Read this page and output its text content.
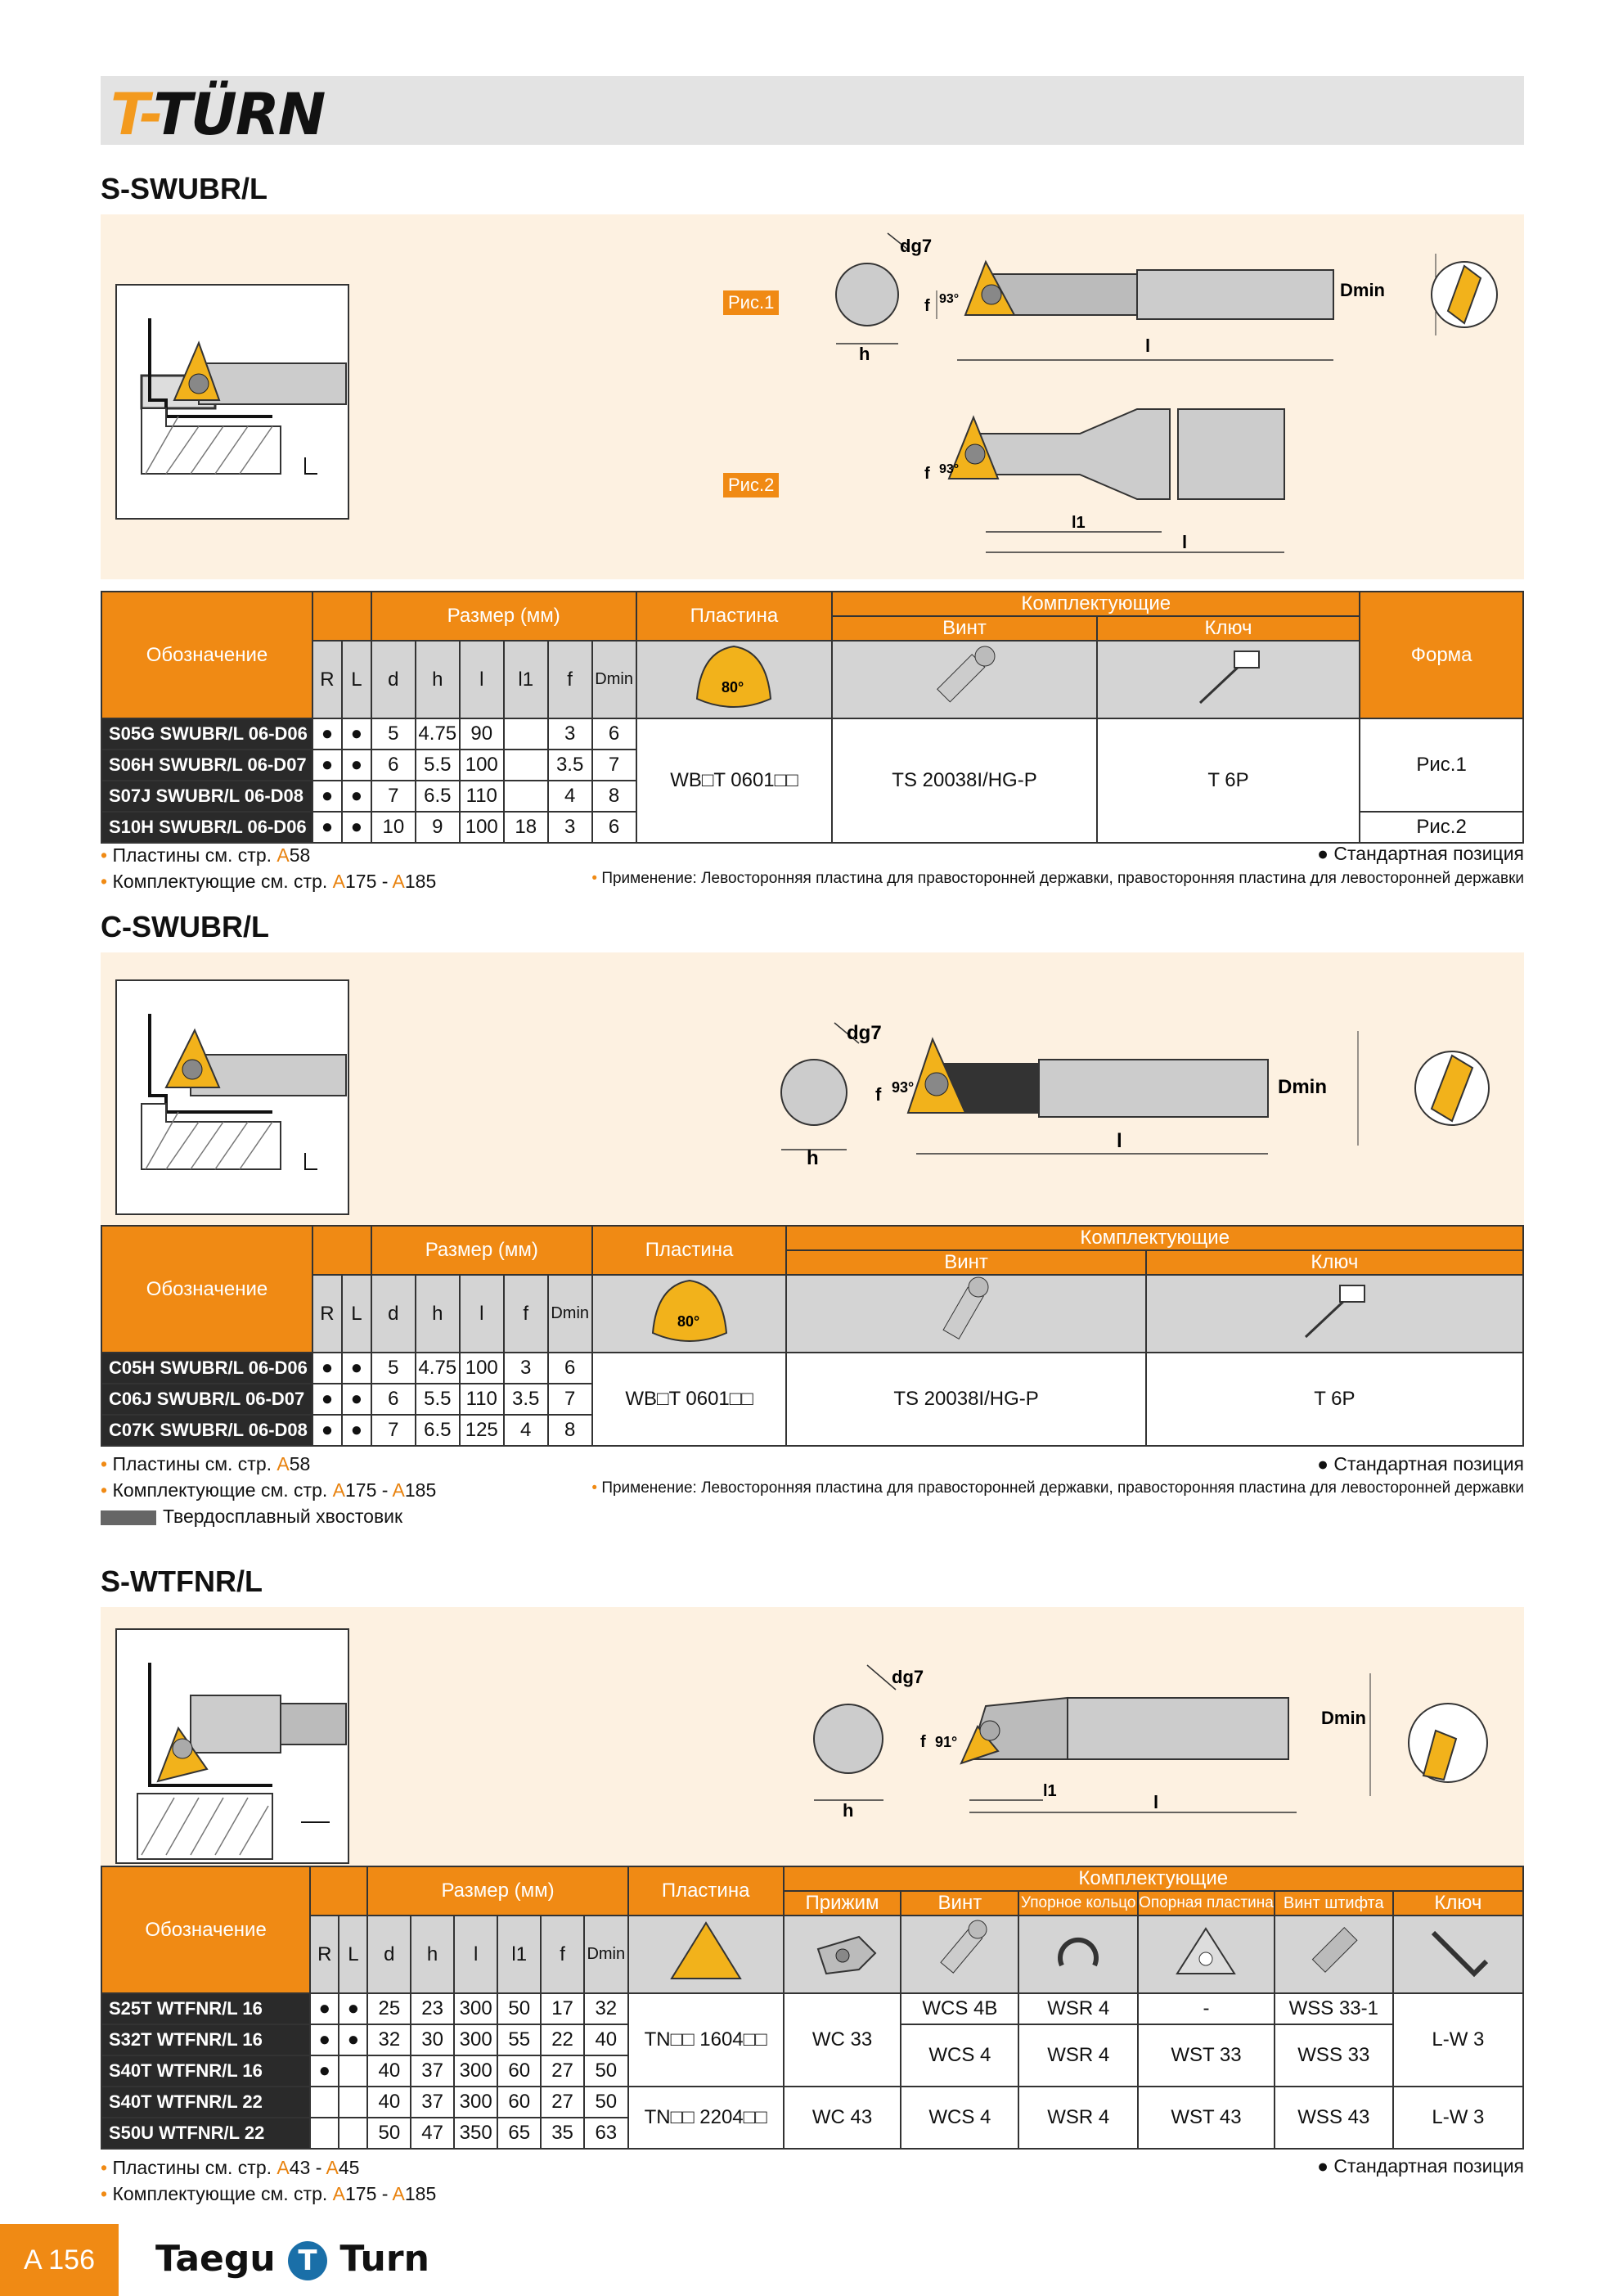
T-TÜRN
S-SWUBR/L
Рис.1
Рис.2
dg7
h
f 93°
l
Dmin
f 93°
l1
l
Обозначение			Размер (мм)						Пластина	Комплектующие		Форма
										Винт	Ключ	
	R	L	d	h	l	l1	f	Dmin	80°

S05G SWUBR/L 06-D06	●	●	5	4.75	90		3	6	WB□T 0601□□	TS 20038I/HG-P	T 6P	Рис.1
S06H SWUBR/L 06-D07	●	●	6	5.5	100		3.5	7				
S07J SWUBR/L 06-D08	●	●	7	6.5	110		4	8				
S10H SWUBR/L 06-D06	●	●	10	9	100	18	3	6				Рис.2
• Пластины см. стр. A58
• Комплектующие см. стр. A175 - A185
● Стандартная позиция
• Применение: Левосторонняя пластина для правосторонней державки, правосторонняя пластина для левосторонней державки
C-SWUBR/L
dg7
h
f 93°
l
Dmin
Обозначение			Размер (мм)					Пластина	Комплектующие	
									Винт	Ключ
	R	L	d	h	l	f	Dmin	80°

C05H SWUBR/L 06-D06	●	●	5	4.75	100	3	6	WB□T 0601□□	TS 20038I/HG-P	T 6P
C06J SWUBR/L 06-D07	●	●	6	5.5	110	3.5	7			
C07K SWUBR/L 06-D08	●	●	7	6.5	125	4	8			
• Пластины см. стр. A58
• Комплектующие см. стр. A175 - A185
Твердосплавный хвостовик
● Стандартная позиция
• Применение: Левосторонняя пластина для правосторонней державки, правосторонняя пластина для левосторонней державки
S-WTFNR/L
dg7
h
f 91°
l1
l
Dmin
Обозначение			Размер (мм)						Пластина	Комплектующие					
										Прижим	Винт	Упорное кольцо	Опорная пластина	Винт штифта	Ключ
	R	L	d	h	l	l1	f	Dmin							
S25T WTFNR/L 16	●	●	25	23	300	50	17	32	TN□□ 1604□□	WC 33	WCS 4B	WSR 4	-	WSS 33-1	L-W 3
S32T WTFNR/L 16	●	●	32	30	300	55	22	40			WCS 4	WSR 4	WST 33	WSS 33	
S40T WTFNR/L 16	●		40	37	300	60	27	50							
S40T WTFNR/L 22			40	37	300	60	27	50	TN□□ 2204□□	WC 43	WCS 4	WSR 4	WST 43	WSS 43	L-W 3
S50U WTFNR/L 22			50	47	350	65	35	63							
• Пластины см. стр. A43 - A45
• Комплектующие см. стр. A175 - A185
● Стандартная позиция
A 156	Taegu T Turn
